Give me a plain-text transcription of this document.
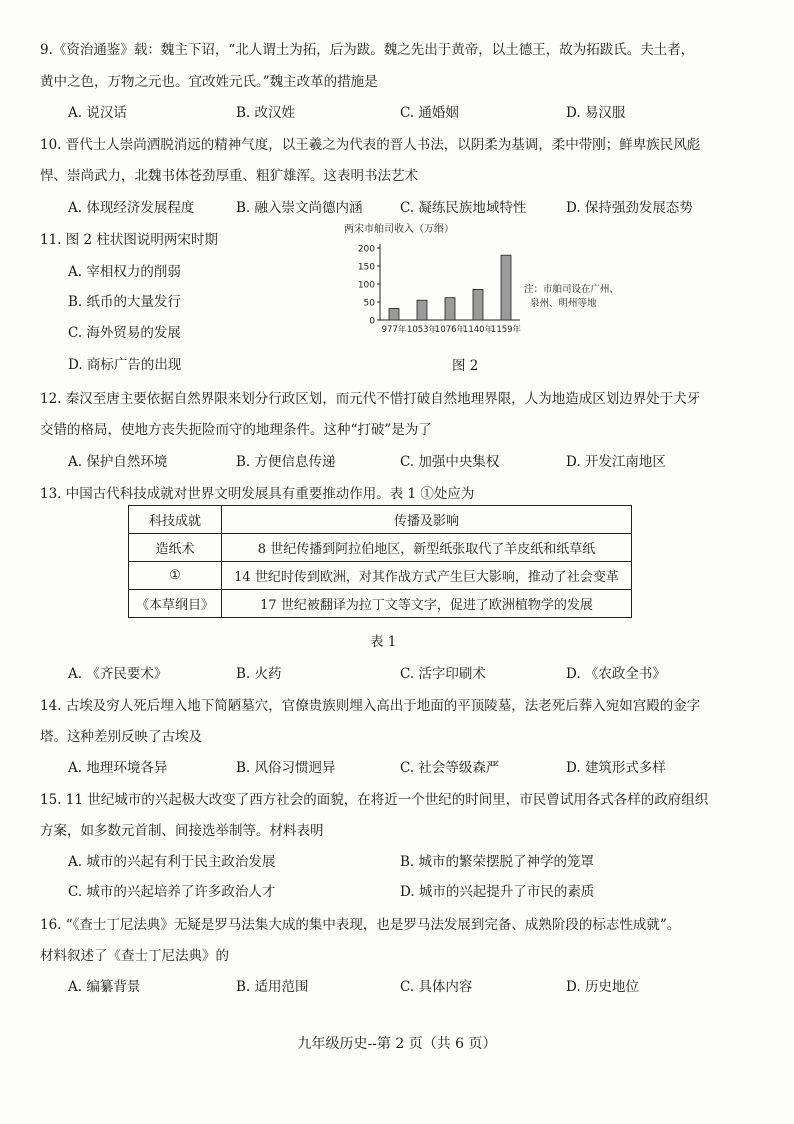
9.《资治通鉴》载：魏主下诏，“北人谓土为拓，后为跋。魏之先出于黄帝，以土德王，故为拓跋氏。夫土者，
黄中之色，万物之元也。宜改姓元氏。”魏主改革的措施是
A. 说汉话	B. 改汉姓	C. 通婚姻	D. 易汉服
10. 晋代士人崇尚洒脱消远的精神气度，以王羲之为代表的晋人书法，以阴柔为基调，柔中带刚；鲜卑族民风彪
悍、崇尚武力，北魏书体苍劲厚重、粗犷雄浑。这表明书法艺术
A. 体现经济发展程度	B. 融入崇文尚德内涵	C. 凝练民族地域特性	D. 保持强劲发展态势
11. 图 2 柱状图说明两宋时期
A. 宰相权力的削弱
B. 纸币的大量发行
C. 海外贸易的发展
D. 商标广告的出现
两宋市舶司收入（万缗）
0
50
100
150
200
977年 1053年
1076年
1140年
1159年
注：市舶司设在广州、
泉州、明州等地
图 2
12. 秦汉至唐主要依据自然界限来划分行政区划，而元代不惜打破自然地理界限，人为地造成区划边界处于犬牙
交错的格局，使地方丧失扼险而守的地理条件。这种“打破”是为了
A. 保护自然环境	B. 方便信息传递	C. 加强中央集权	D. 开发江南地区
13. 中国古代科技成就对世界文明发展具有重要推动作用。表 1 ①处应为
科技成就	传播及影响
造纸术	8 世纪传播到阿拉伯地区，新型纸张取代了羊皮纸和纸草纸
①	14 世纪时传到欧洲，对其作战方式产生巨大影响，推动了社会变革
《本草纲目》	17 世纪被翻译为拉丁文等文字，促进了欧洲植物学的发展
表 1
A. 《齐民要术》	B. 火药	C. 活字印刷术	D. 《农政全书》
14. 古埃及穷人死后埋入地下简陋墓穴，官僚贵族则埋入高出于地面的平顶陵墓，法老死后葬入宛如宫殿的金字
塔。这种差别反映了古埃及
A. 地理环境各异	B. 风俗习惯迥异	C. 社会等级森严	D. 建筑形式多样
15. 11 世纪城市的兴起极大改变了西方社会的面貌，在将近一个世纪的时间里，市民曾试用各式各样的政府组织
方案，如多数元首制、间接选举制等。材料表明
A. 城市的兴起有利于民主政治发展	B. 城市的繁荣摆脱了神学的笼罩
C. 城市的兴起培养了许多政治人才	D. 城市的兴起提升了市民的素质
16. “《查士丁尼法典》无疑是罗马法集大成的集中表现，也是罗马法发展到完备、成熟阶段的标志性成就”。
材料叙述了《查士丁尼法典》的
A. 编纂背景	B. 适用范围	C. 具体内容	D. 历史地位
九年级历史--第 2 页（共 6 页）
